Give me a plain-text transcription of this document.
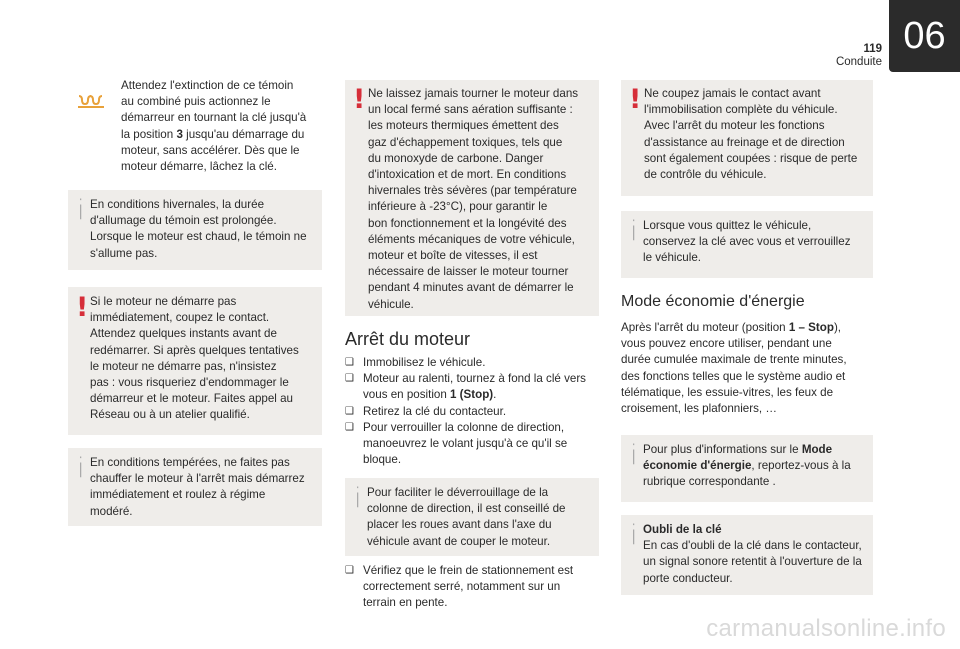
119
Conduite
06
Attendez l'extinction de ce témoin
au combiné puis actionnez le
démarreur en tournant la clé jusqu'à
la position 3 jusqu'au démarrage du
moteur, sans accélérer. Dès que le
moteur démarre, lâchez la clé.
i En conditions hivernales, la durée
d'allumage du témoin est prolongée.
Lorsque le moteur est chaud, le témoin ne
s'allume pas.
! Si le moteur ne démarre pas
immédiatement, coupez le contact.
Attendez quelques instants avant de
redémarrer. Si après quelques tentatives
le moteur ne démarre pas, n'insistez
pas : vous risqueriez d'endommager le
démarreur et le moteur. Faites appel au
Réseau ou à un atelier qualifié.
i En conditions tempérées, ne faites pas
chauffer le moteur à l'arrêt mais démarrez
immédiatement et roulez à régime
modéré.
! Ne laissez jamais tourner le moteur dans
un local fermé sans aération suffisante :
les moteurs thermiques émettent des
gaz d'échappement toxiques, tels que
du monoxyde de carbone. Danger
d'intoxication et de mort. En conditions
hivernales très sévères (par température
inférieure à -23°C), pour garantir le
bon fonctionnement et la longévité des
éléments mécaniques de votre véhicule,
moteur et boîte de vitesses, il est
nécessaire de laisser le moteur tourner
pendant 4 minutes avant de démarrer le
véhicule.
Arrêt du moteur
❑ Immobilisez le véhicule.
❑ Moteur au ralenti, tournez à fond la clé vers
vous en position 1 (Stop).
❑ Retirez la clé du contacteur.
❑ Pour verrouiller la colonne de direction,
manoeuvrez le volant jusqu'à ce qu'il se
bloque.
i Pour faciliter le déverrouillage de la
colonne de direction, il est conseillé de
placer les roues avant dans l'axe du
véhicule avant de couper le moteur.
❑ Vérifiez que le frein de stationnement est
correctement serré, notamment sur un
terrain en pente.
! Ne coupez jamais le contact avant
l'immobilisation complète du véhicule.
Avec l'arrêt du moteur les fonctions
d'assistance au freinage et de direction
sont également coupées : risque de perte
de contrôle du véhicule.
i Lorsque vous quittez le véhicule,
conservez la clé avec vous et verrouillez
le véhicule.
Mode économie d'énergie
Après l'arrêt du moteur (position 1 – Stop),
vous pouvez encore utiliser, pendant une
durée cumulée maximale de trente minutes,
des fonctions telles que le système audio et
télématique, les essuie-vitres, les feux de
croisement, les plafonniers, …
i Pour plus d'informations sur le Mode
économie d'énergie, reportez-vous à la
rubrique correspondante .
i Oubli de la clé
En cas d'oubli de la clé dans le contacteur,
un signal sonore retentit à l'ouverture de la
porte conducteur.
carmanualsonline.info
